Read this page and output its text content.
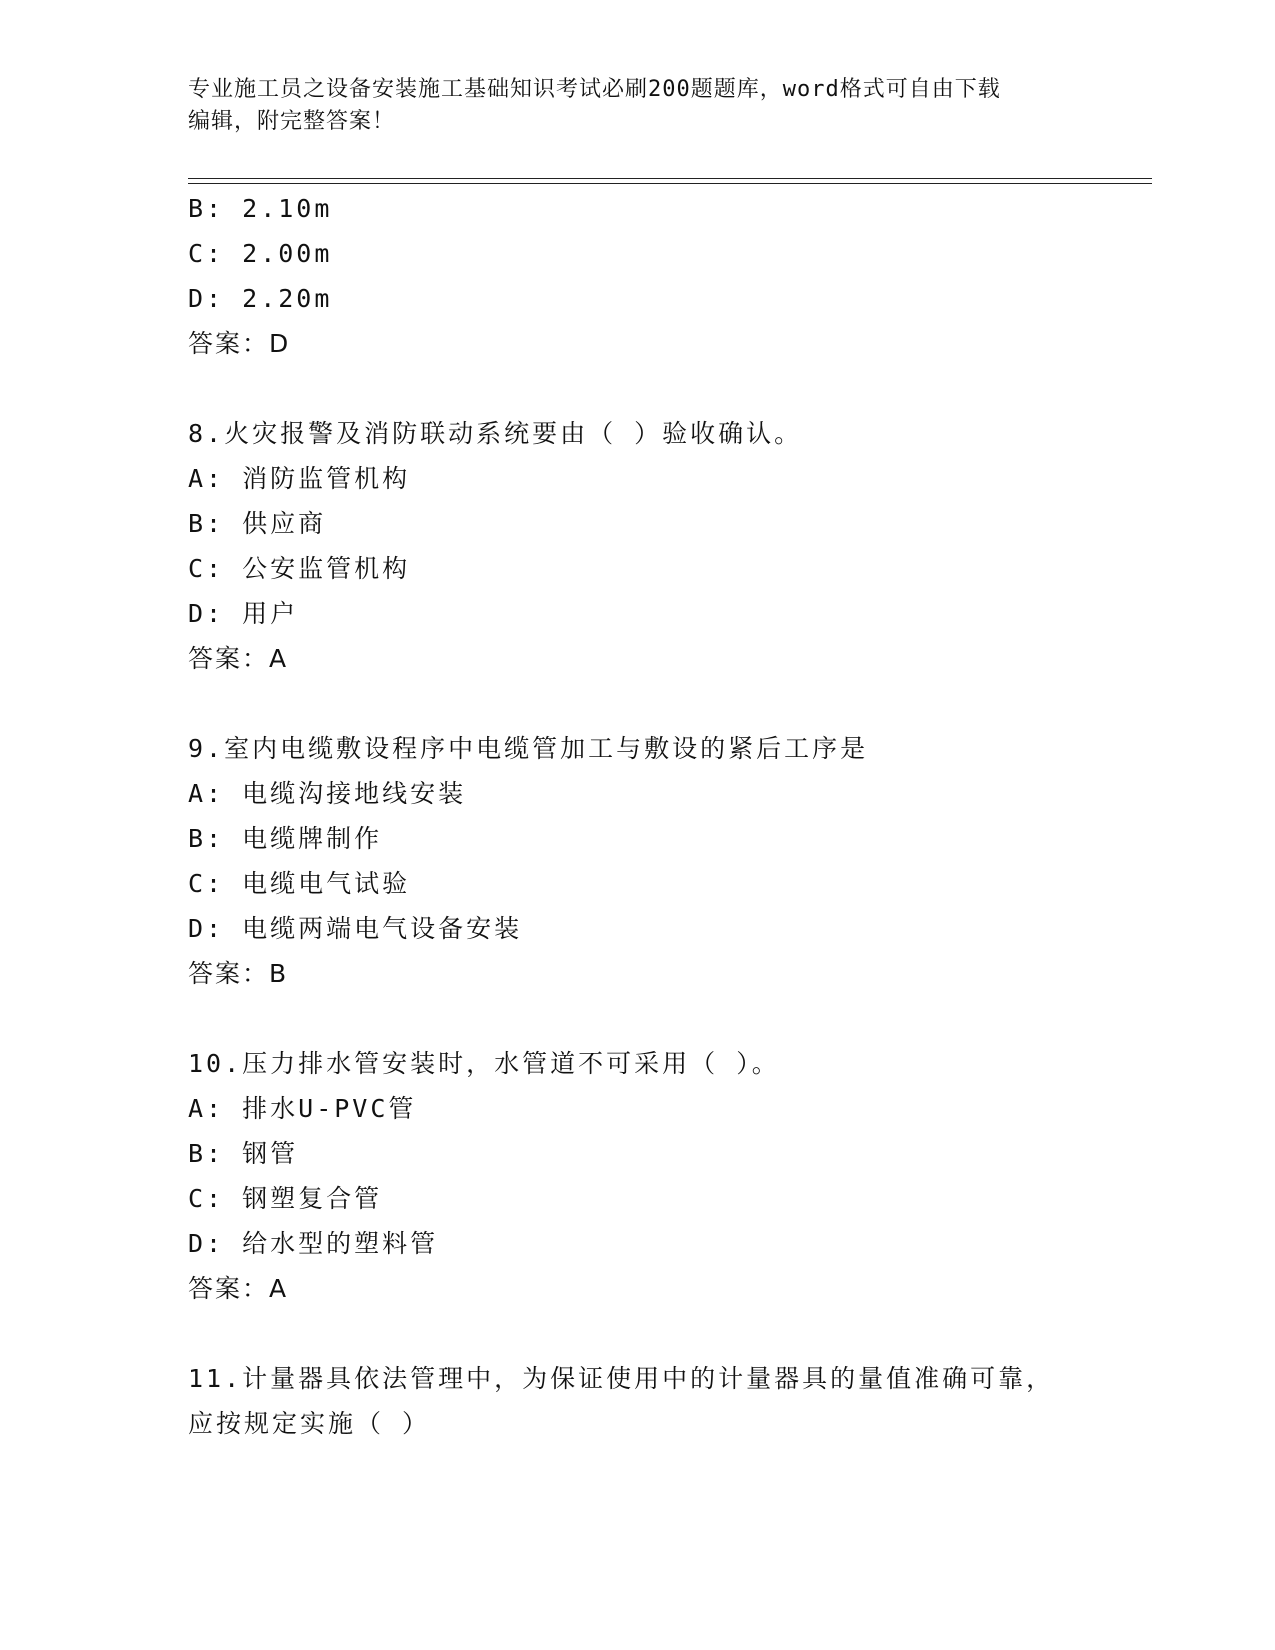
专业施工员之设备安装施工基础知识考试必刷200题题库，word格式可自由下载
编辑，附完整答案！
B: 2.10m
C: 2.00m
D: 2.20m
答案：D
8.火灾报警及消防联动系统要由（ ）验收确认。
A: 消防监管机构
B: 供应商
C: 公安监管机构
D: 用户
答案：A
9.室内电缆敷设程序中电缆管加工与敷设的紧后工序是
A: 电缆沟接地线安装
B: 电缆牌制作
C: 电缆电气试验
D: 电缆两端电气设备安装
答案：B
10.压力排水管安装时，水管道不可采用（ ）。
A: 排水U-PVC管
B: 钢管
C: 钢塑复合管
D: 给水型的塑料管
答案：A
11.计量器具依法管理中，为保证使用中的计量器具的量值准确可靠，
应按规定实施（ ）
